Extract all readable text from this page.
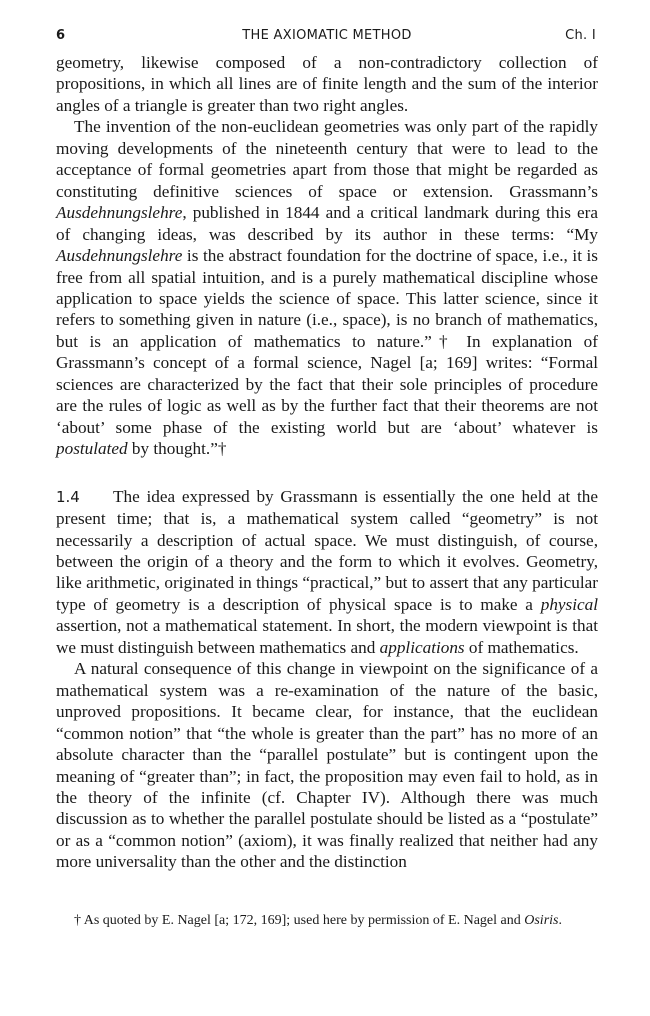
6	THE AXIOMATIC METHOD	Ch. I

geometry, likewise composed of a non-contradictory collection of propositions, in which all lines are of finite length and the sum of the interior angles of a triangle is greater than two right angles.

The invention of the non-euclidean geometries was only part of the rapidly moving developments of the nineteenth century that were to lead to the acceptance of formal geometries apart from those that might be regarded as constituting definitive sciences of space or extension. Grassmann’s Ausdehnungslehre, published in 1844 and a critical landmark during this era of changing ideas, was described by its author in these terms: “My Ausdehnungslehre is the abstract foundation for the doctrine of space, i.e., it is free from all spatial intuition, and is a purely mathematical discipline whose application to space yields the science of space. This latter science, since it refers to something given in nature (i.e., space), is no branch of mathematics, but is an application of mathematics to nature.”† In explanation of Grassmann’s concept of a formal science, Nagel [a; 169] writes: “Formal sciences are characterized by the fact that their sole principles of procedure are the rules of logic as well as by the further fact that their theorems are not ‘about’ some phase of the existing world but are ‘about’ whatever is postulated by thought.”†

1.4 The idea expressed by Grassmann is essentially the one held at the present time; that is, a mathematical system called “geometry” is not necessarily a description of actual space. We must distinguish, of course, between the origin of a theory and the form to which it evolves. Geometry, like arithmetic, originated in things “practical,” but to assert that any particular type of geometry is a description of physical space is to make a physical assertion, not a mathematical statement. In short, the modern viewpoint is that we must distinguish between mathematics and applications of mathematics.

A natural consequence of this change in viewpoint on the significance of a mathematical system was a re-examination of the nature of the basic, unproved propositions. It became clear, for instance, that the euclidean “common notion” that “the whole is greater than the part” has no more of an absolute character than the “parallel postulate” but is contingent upon the meaning of “greater than”; in fact, the proposition may even fail to hold, as in the theory of the infinite (cf. Chapter IV). Although there was much discussion as to whether the parallel postulate should be listed as a “postulate” or as a “common notion” (axiom), it was finally realized that neither had any more universality than the other and the distinction

† As quoted by E. Nagel [a; 172, 169]; used here by permission of E. Nagel and Osiris.
